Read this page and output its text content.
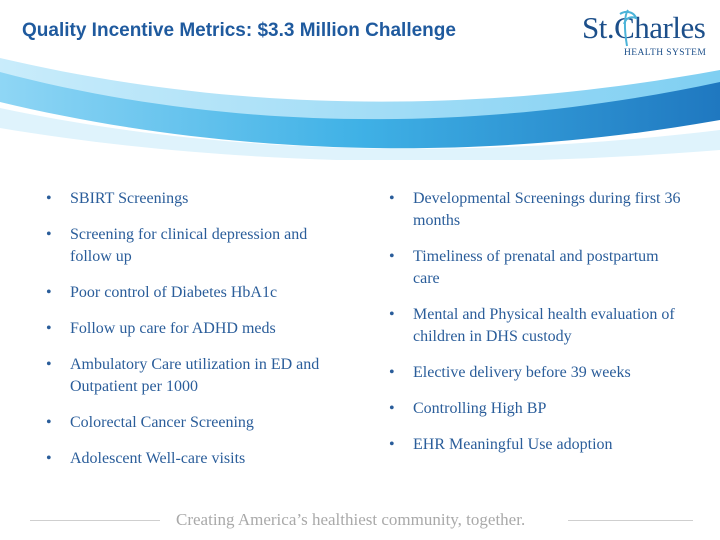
Quality Incentive Metrics: $3.3 Million Challenge	St.Charles
HEALTH SYSTEM
• SBIRT Screenings
• Screening for clinical depression and follow up
• Poor control of Diabetes HbA1c
• Follow up care for ADHD meds
• Ambulatory Care utilization in ED and Outpatient per 1000
• Colorectal Cancer Screening
• Adolescent Well-care visits
• Developmental Screenings during first 36 months
• Timeliness of prenatal and postpartum care
• Mental and Physical health evaluation of children in DHS custody
• Elective delivery before 39 weeks
• Controlling High BP
• EHR Meaningful Use adoption
Creating America’s healthiest community, together.
